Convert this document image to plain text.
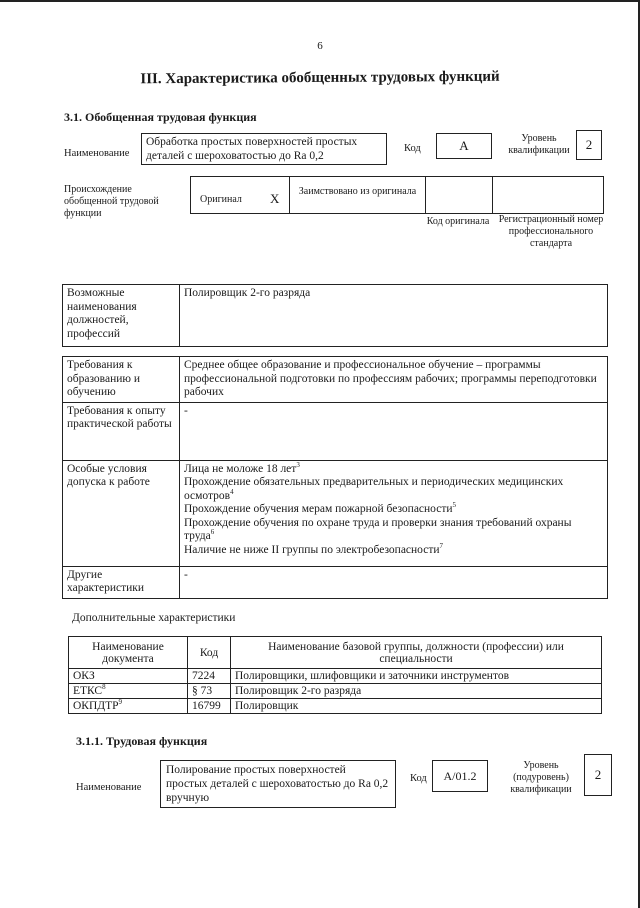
6
III. Характеристика обобщенных трудовых функций
3.1. Обобщенная трудовая функция
Наименование
Обработка простых поверхностей простых деталей с шероховатостью до Ra 0,2
Код	А	Уровень квалификации	2
Происхождение обобщенной трудовой функции
Оригинал X	Заимствовано из оригинала
Код оригинала Регистрационный номер профессионального стандарта
Возможные наименования должностей, профессий	Полировщик 2-го разряда
Требования к образованию и обучению	Среднее общее образование и профессиональное обучение – программы профессиональной подготовки по профессиям рабочих; программы переподготовки рабочих
Требования к опыту практической работы	-
Особые условия допуска к работе	Лица не моложе 18 лет$^3$
Прохождение обязательных предварительных и периодических медицинских осмотров$^4$
Прохождение обучения мерам пожарной безопасности$^5$
Прохождение обучения по охране труда и проверки знания требований охраны труда$^6$
Наличие не ниже II группы по электробезопасности$^7$

Другие характеристики	-
Дополнительные характеристики
Наименование документа	Код	Наименование базовой группы, должности (профессии) или специальности
ОКЗ	7224	Полировщики, шлифовщики и заточники инструментов
ЕТКС$^8$	§ 73	Полировщик 2-го разряда
ОКПДТР$^9$	16799	Полировщик
3.1.1. Трудовая функция
Наименование
Полирование простых поверхностей простых деталей с шероховатостью до Ra 0,2 вручную
Код А/01.2
Уровень (подуровень) квалификации
2
